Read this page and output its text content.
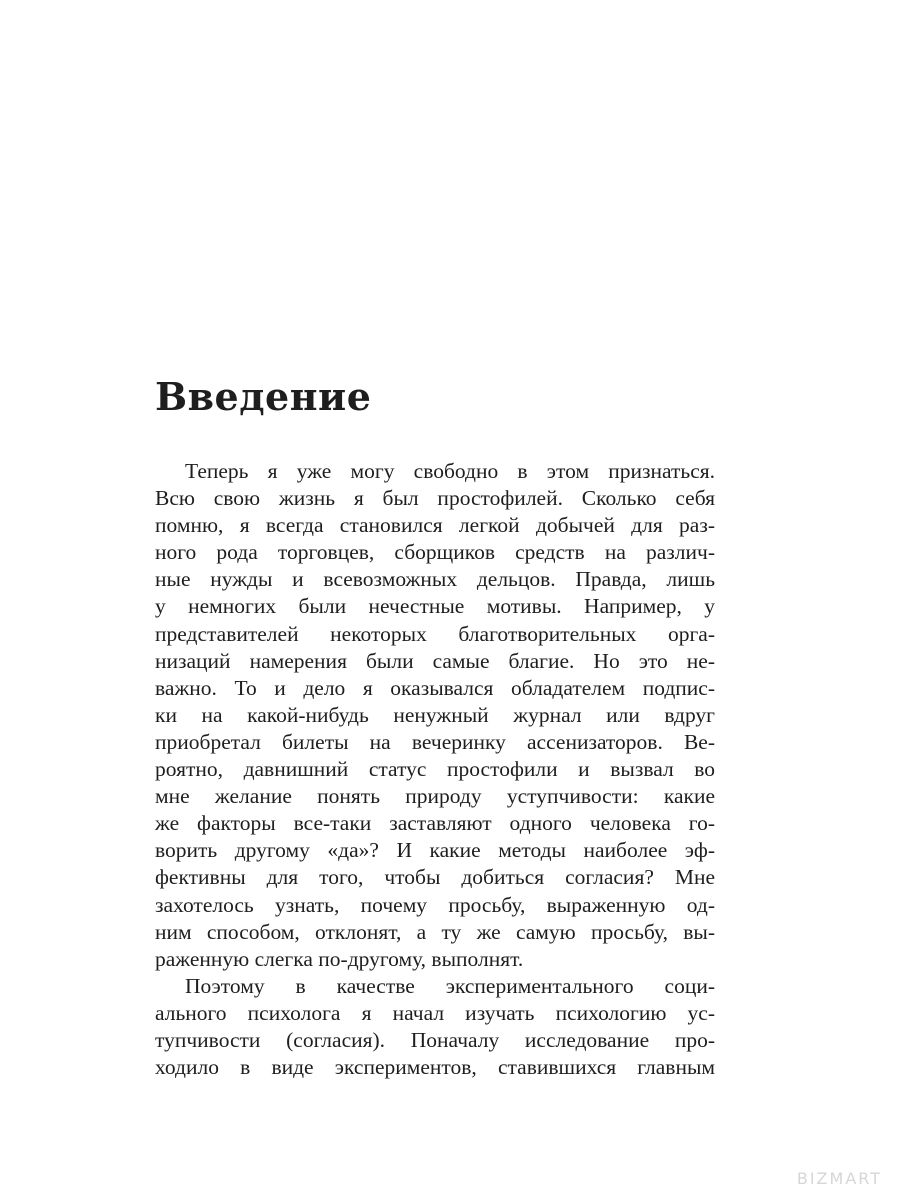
Введение
Теперь я уже могу свободно в этом признаться.
Всю свою жизнь я был простофилей. Сколько себя
помню, я всегда становился легкой добычей для раз-
ного рода торговцев, сборщиков средств на различ-
ные нужды и всевозможных дельцов. Правда, лишь
у немногих были нечестные мотивы. Например, у
представителей некоторых благотворительных орга-
низаций намерения были самые благие. Но это не-
важно. То и дело я оказывался обладателем подпис-
ки на какой-нибудь ненужный журнал или вдруг
приобретал билеты на вечеринку ассенизаторов. Ве-
роятно, давнишний статус простофили и вызвал во
мне желание понять природу уступчивости: какие
же факторы все-таки заставляют одного человека го-
ворить другому «да»? И какие методы наиболее эф-
фективны для того, чтобы добиться согласия? Мне
захотелось узнать, почему просьбу, выраженную од-
ним способом, отклонят, а ту же самую просьбу, вы-
раженную слегка по-другому, выполнят.
Поэтому в качестве экспериментального соци-
ального психолога я начал изучать психологию ус-
тупчивости (согласия). Поначалу исследование про-
ходило в виде экспериментов, ставившихся главным
BIZMART
